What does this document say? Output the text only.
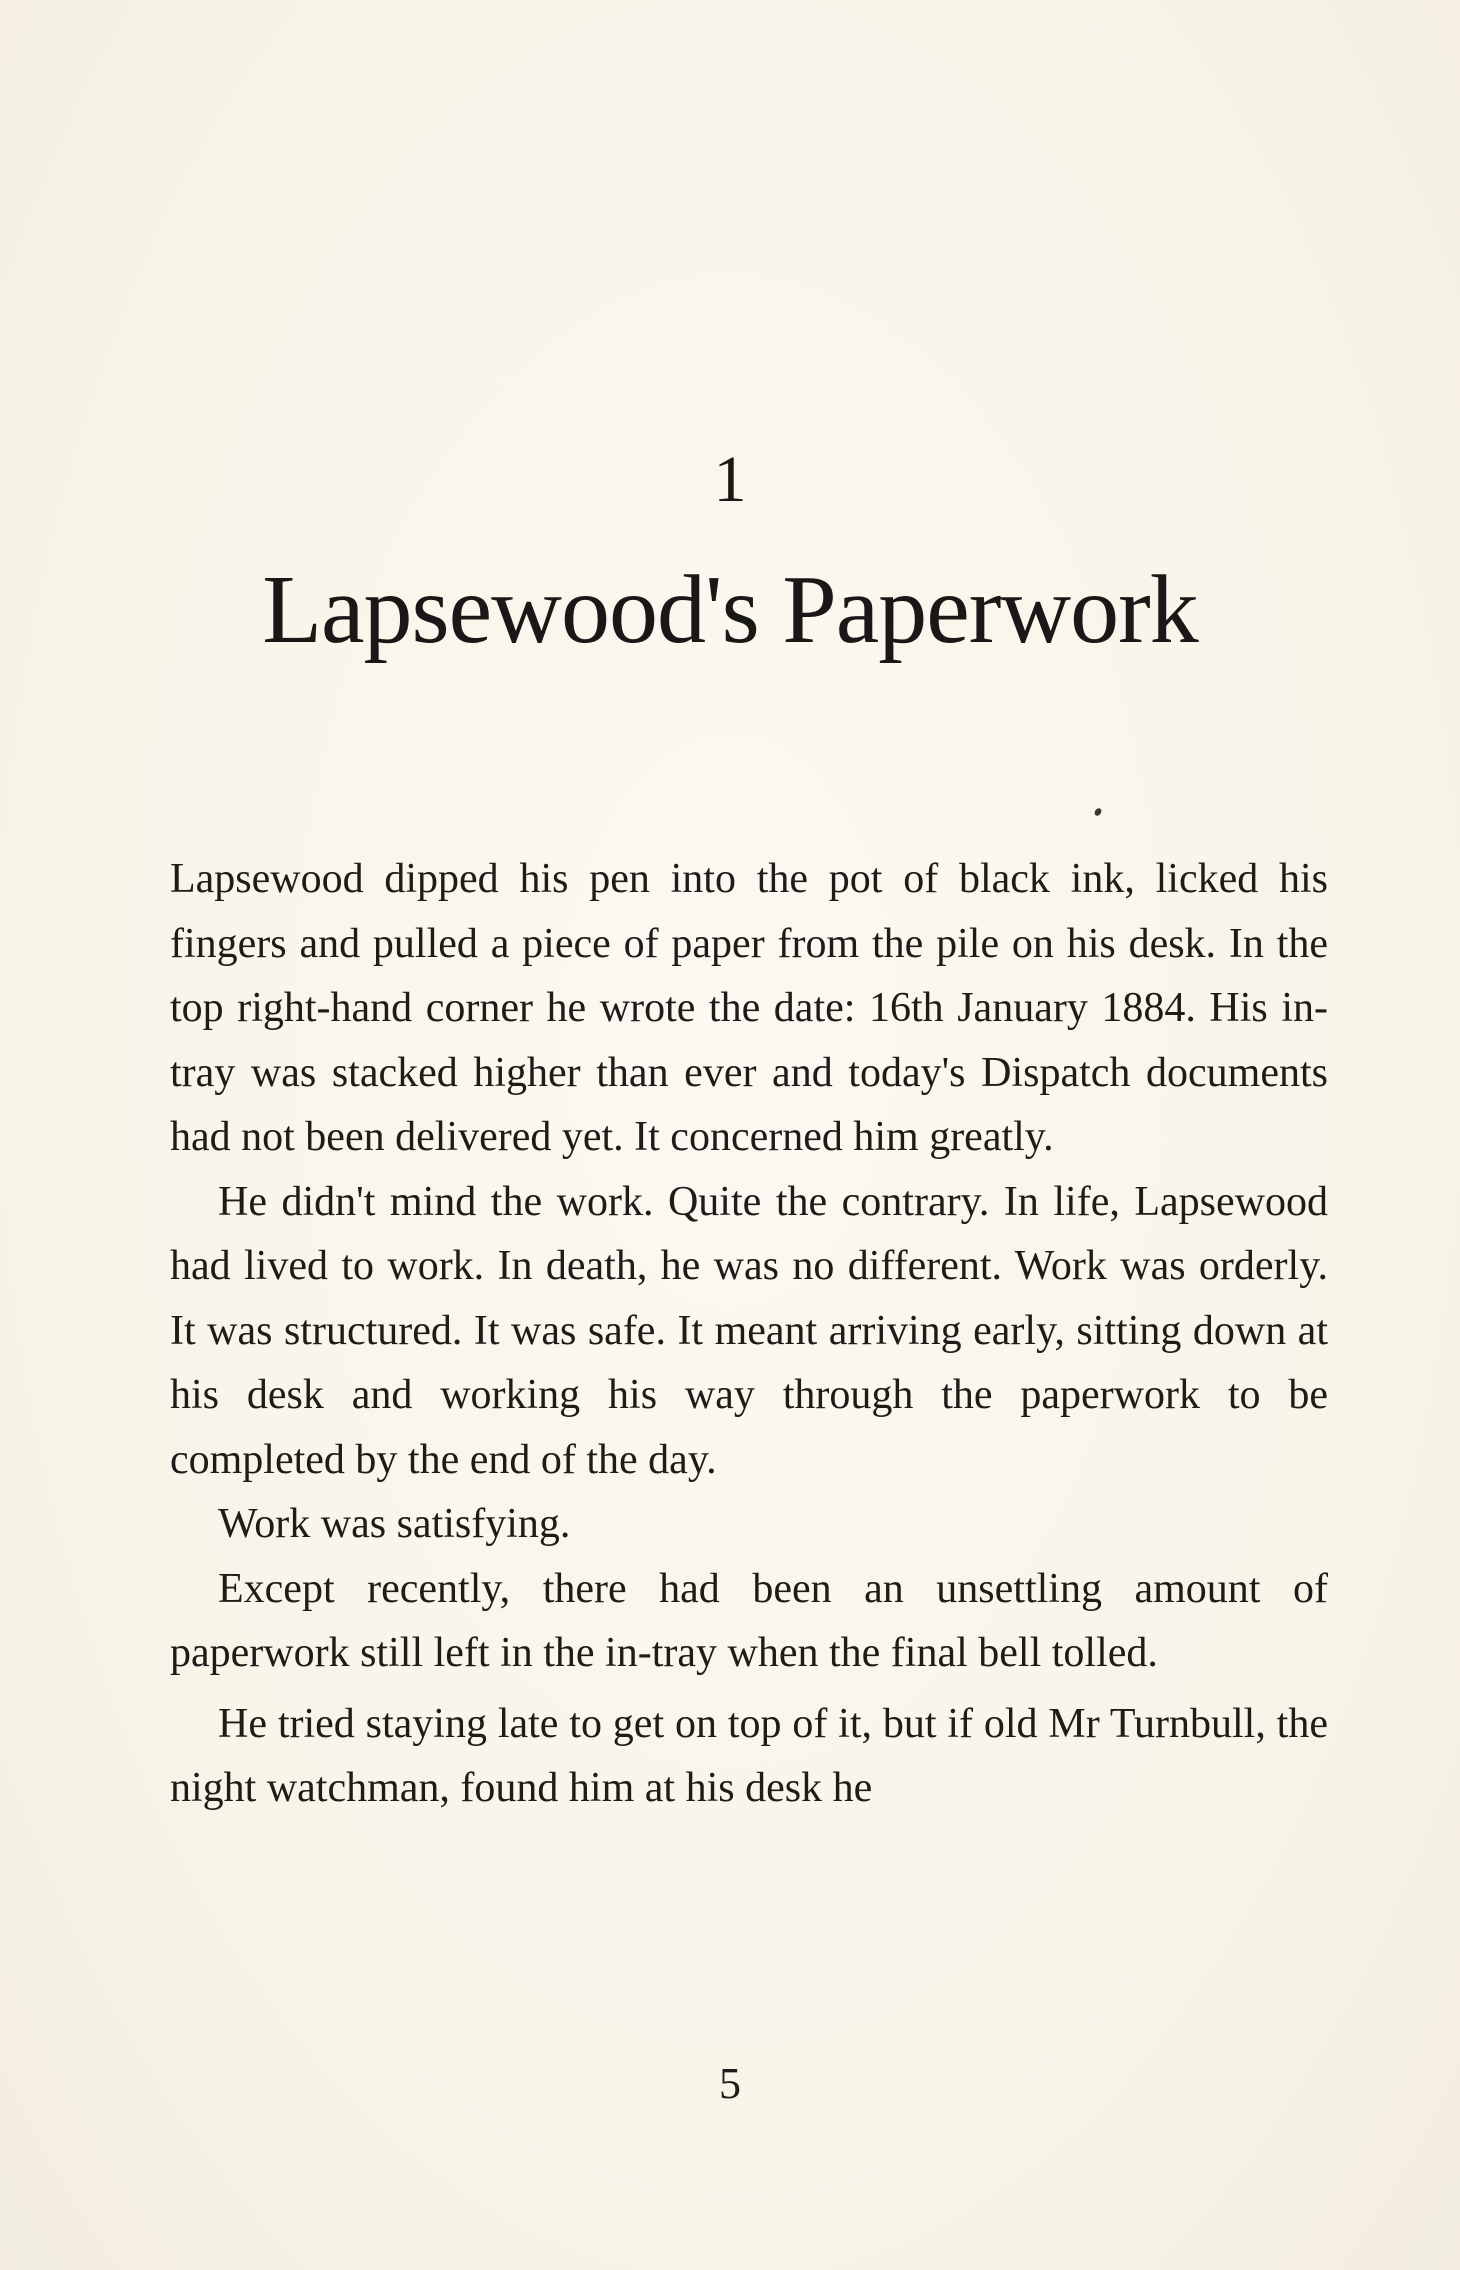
1
Lapsewood's Paperwork

Lapsewood dipped his pen into the pot of black ink, licked his fingers and pulled a piece of paper from the pile on his desk. In the top right-hand corner he wrote the date: 16th January 1884. His in-tray was stacked higher than ever and today's Dispatch documents had not been delivered yet. It concerned him greatly.

He didn't mind the work. Quite the contrary. In life, Lapsewood had lived to work. In death, he was no different. Work was orderly. It was structured. It was safe. It meant arriving early, sitting down at his desk and working his way through the paperwork to be completed by the end of the day.

Work was satisfying.

Except recently, there had been an unsettling amount of paperwork still left in the in-tray when the final bell tolled.

He tried staying late to get on top of it, but if old Mr Turnbull, the night watchman, found him at his desk he

5
